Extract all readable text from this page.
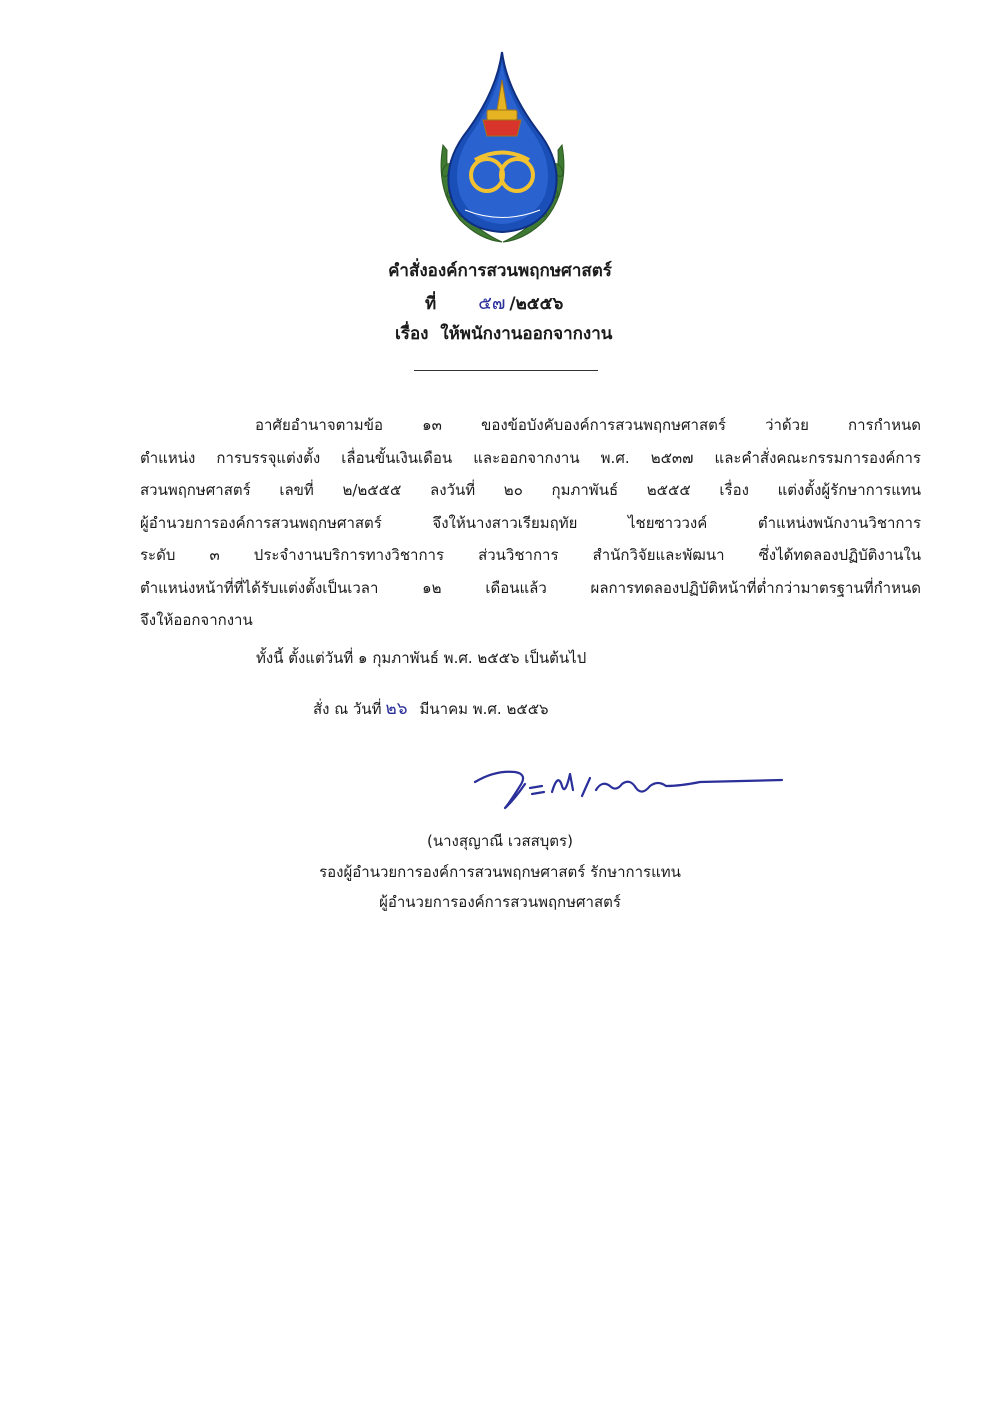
คำสั่งองค์การสวนพฤกษศาสตร์
ที่ ๕๗ /๒๕๕๖
เรื่อง ให้พนักงานออกจากงาน
อาศัยอำนาจตามข้อ ๑๓ ของข้อบังคับองค์การสวนพฤกษศาสตร์ ว่าด้วย การกำหนด
ตำแหน่ง การบรรจุแต่งตั้ง เลื่อนขั้นเงินเดือน และออกจากงาน พ.ศ. ๒๕๓๗ และคำสั่งคณะกรรมการองค์การ
สวนพฤกษศาสตร์ เลขที่ ๒/๒๕๕๕ ลงวันที่ ๒๐ กุมภาพันธ์ ๒๕๕๕ เรื่อง แต่งตั้งผู้รักษาการแทน
ผู้อำนวยการองค์การสวนพฤกษศาสตร์ จึงให้นางสาวเรียมฤทัย ไชยซาววงค์ ตำแหน่งพนักงานวิชาการ
ระดับ ๓ ประจำงานบริการทางวิชาการ ส่วนวิชาการ สำนักวิจัยและพัฒนา ซึ่งได้ทดลองปฏิบัติงานใน
ตำแหน่งหน้าที่ที่ได้รับแต่งตั้งเป็นเวลา ๑๒ เดือนแล้ว ผลการทดลองปฏิบัติหน้าที่ต่ำกว่ามาตรฐานที่กำหนด
จึงให้ออกจากงาน
ทั้งนี้ ตั้งแต่วันที่ ๑ กุมภาพันธ์ พ.ศ. ๒๕๕๖ เป็นต้นไป
สั่ง ณ วันที่ ๒๖ มีนาคม พ.ศ. ๒๕๕๖
(นางสุญาณี เวสสบุตร)
รองผู้อำนวยการองค์การสวนพฤกษศาสตร์ รักษาการแทน
ผู้อำนวยการองค์การสวนพฤกษศาสตร์
